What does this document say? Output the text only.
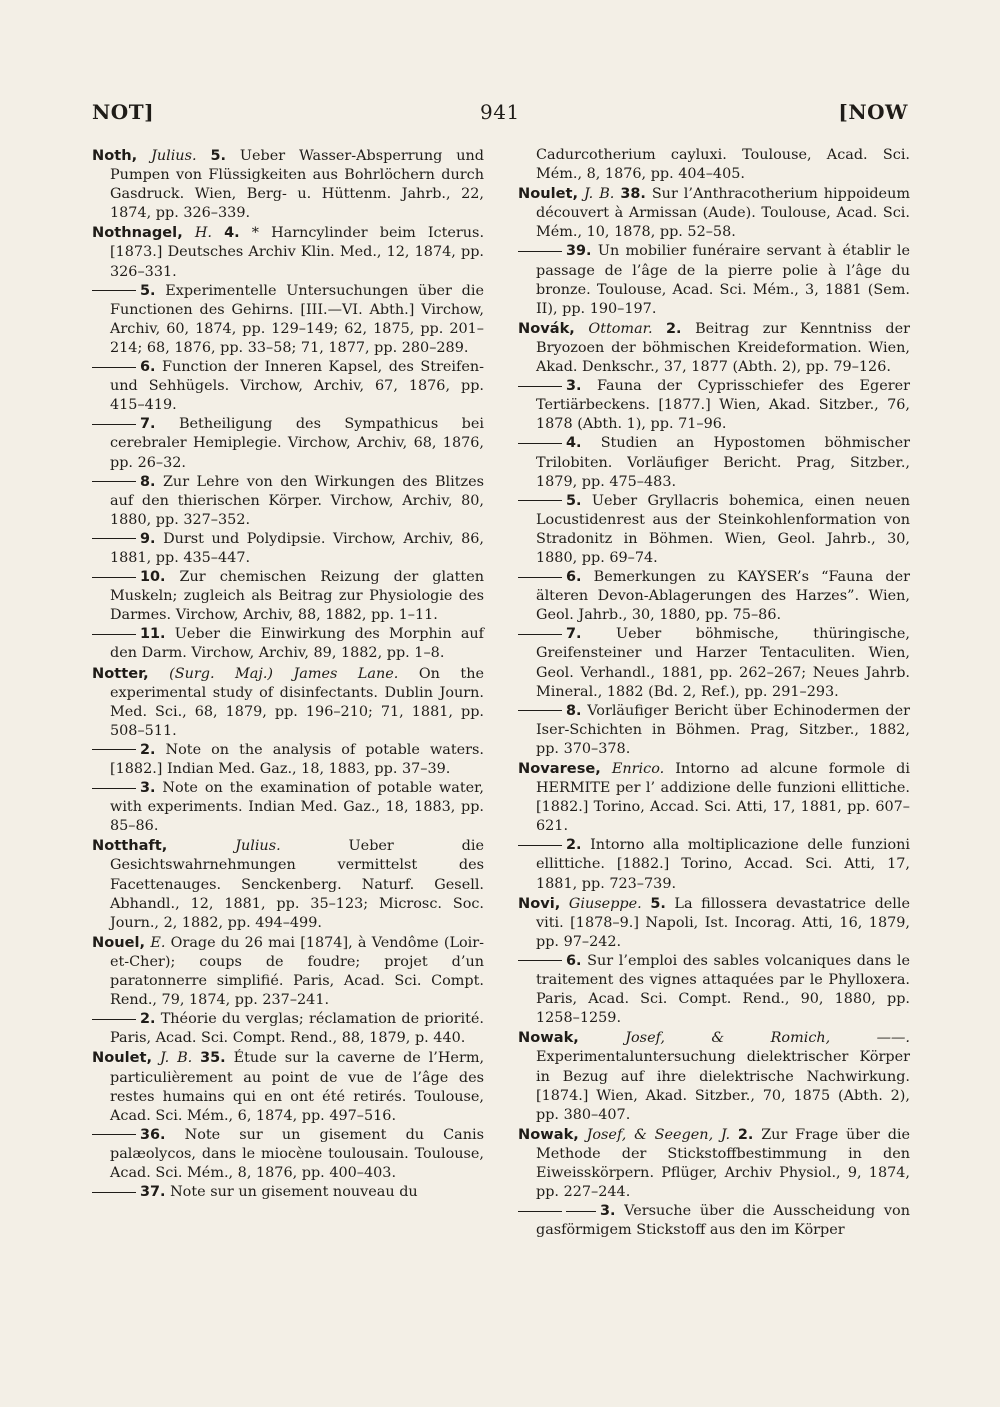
NOT]	941	[NOW

Noth, Julius. 5. Ueber Wasser-Absperrung und Pumpen von Flüssigkeiten aus Bohrlöchern durch Gasdruck. Wien, Berg- u. Hüttenm. Jahrb., 22, 1874, pp. 326–339.

Nothnagel, H. 4. * Harncylinder beim Icterus. [1873.] Deutsches Archiv Klin. Med., 12, 1874, pp. 326–331.

5. Experimentelle Untersuchungen über die Functionen des Gehirns. [III.—VI. Abth.] Virchow, Archiv, 60, 1874, pp. 129–149; 62, 1875, pp. 201–214; 68, 1876, pp. 33–58; 71, 1877, pp. 280–289.

6. Function der Inneren Kapsel, des Streifen- und Sehhügels. Virchow, Archiv, 67, 1876, pp. 415–419.

7. Betheiligung des Sympathicus bei cerebraler Hemiplegie. Virchow, Archiv, 68, 1876, pp. 26–32.

8. Zur Lehre von den Wirkungen des Blitzes auf den thierischen Körper. Virchow, Archiv, 80, 1880, pp. 327–352.

9. Durst und Polydipsie. Virchow, Archiv, 86, 1881, pp. 435–447.

10. Zur chemischen Reizung der glatten Muskeln; zugleich als Beitrag zur Physiologie des Darmes. Virchow, Archiv, 88, 1882, pp. 1–11.

11. Ueber die Einwirkung des Morphin auf den Darm. Virchow, Archiv, 89, 1882, pp. 1–8.

Notter, (Surg. Maj.) James Lane. On the experimental study of disinfectants. Dublin Journ. Med. Sci., 68, 1879, pp. 196–210; 71, 1881, pp. 508–511.

2. Note on the analysis of potable waters. [1882.] Indian Med. Gaz., 18, 1883, pp. 37–39.

3. Note on the examination of potable water, with experiments. Indian Med. Gaz., 18, 1883, pp. 85–86.

Notthaft,	Julius.	Ueber die Gesichtswahrnehmungen vermittelst des Facettenauges. Senckenberg. Naturf. Gesell. Abhandl., 12, 1881, pp. 35–123; Microsc. Soc. Journ., 2, 1882, pp. 494–499.

Nouel, E. Orage du 26 mai [1874], à Vendôme (Loir-et-Cher); coups de foudre; projet d’un paratonnerre simplifié. Paris, Acad. Sci. Compt. Rend., 79, 1874, pp. 237–241.

2. Théorie du verglas; réclamation de priorité. Paris, Acad. Sci. Compt. Rend., 88, 1879, p. 440.

Noulet, J. B. 35. Étude sur la caverne de l’Herm, particulièrement au point de vue de l’âge des restes humains qui en ont été retirés. Toulouse, Acad. Sci. Mém., 6, 1874, pp. 497–516.

36. Note sur un gisement du Canis palæolycos, dans le miocène toulousain. Toulouse, Acad. Sci. Mém., 8, 1876, pp. 400–403.

37. Note sur un gisement nouveau du

Cadurcotherium cayluxi. Toulouse, Acad. Sci. Mém., 8, 1876, pp. 404–405.

Noulet, J. B. 38. Sur l’Anthracotherium hippoideum découvert à Armissan (Aude). Toulouse, Acad. Sci. Mém., 10, 1878, pp. 52–58.

39. Un mobilier funéraire servant à établir le passage de l’âge de la pierre polie à l’âge du bronze. Toulouse, Acad. Sci. Mém., 3, 1881 (Sem. II), pp. 190–197.

Novák, Ottomar. 2. Beitrag zur Kenntniss der Bryozoen der böhmischen Kreideformation. Wien, Akad. Denkschr., 37, 1877 (Abth. 2), pp. 79–126.

3. Fauna der Cyprisschiefer des Egerer Tertiärbeckens. [1877.] Wien, Akad. Sitzber., 76, 1878 (Abth. 1), pp. 71–96.

4. Studien an Hypostomen böhmischer Trilobiten. Vorläufiger Bericht. Prag, Sitzber., 1879, pp. 475–483.

5. Ueber Gryllacris bohemica, einen neuen Locustidenrest aus der Steinkohlenformation von Stradonitz in Böhmen. Wien, Geol. Jahrb., 30, 1880, pp. 69–74.

6. Bemerkungen zu KAYSER’s “Fauna der älteren Devon-Ablagerungen des Harzes”. Wien, Geol. Jahrb., 30, 1880, pp. 75–86.

7. Ueber böhmische, thüringische, Greifensteiner und Harzer Tentaculiten. Wien, Geol. Verhandl., 1881, pp. 262–267; Neues Jahrb. Mineral., 1882 (Bd. 2, Ref.), pp. 291–293.

8. Vorläufiger Bericht über Echinodermen der Iser-Schichten in Böhmen. Prag, Sitzber., 1882, pp. 370–378.

Novarese, Enrico. Intorno ad alcune formole di HERMITE per l’ addizione delle funzioni ellittiche. [1882.] Torino, Accad. Sci. Atti, 17, 1881, pp. 607–621.

2. Intorno alla moltiplicazione delle funzioni ellittiche. [1882.] Torino, Accad. Sci. Atti, 17, 1881, pp. 723–739.

Novi, Giuseppe. 5. La fillossera devastatrice delle viti. [1878–9.] Napoli, Ist. Incorag. Atti, 16, 1879, pp. 97–242.

6. Sur l’emploi des sables volcaniques dans le traitement des vignes attaquées par le Phylloxera. Paris, Acad. Sci. Compt. Rend., 90, 1880, pp. 1258–1259.

Nowak,	Josef, & Romich, ——. Experimentaluntersuchung dielektrischer Körper in Bezug auf ihre dielektrische Nachwirkung. [1874.] Wien, Akad. Sitzber., 70, 1875 (Abth. 2), pp. 380–407.

Nowak, Josef, & Seegen, J. 2. Zur Frage über die Methode der Stickstoffbestimmung in den Eiweisskörpern. Pflüger, Archiv Physiol., 9, 1874, pp. 227–244.

3. Versuche über die Ausscheidung von gasförmigem Stickstoff aus den im Körper
